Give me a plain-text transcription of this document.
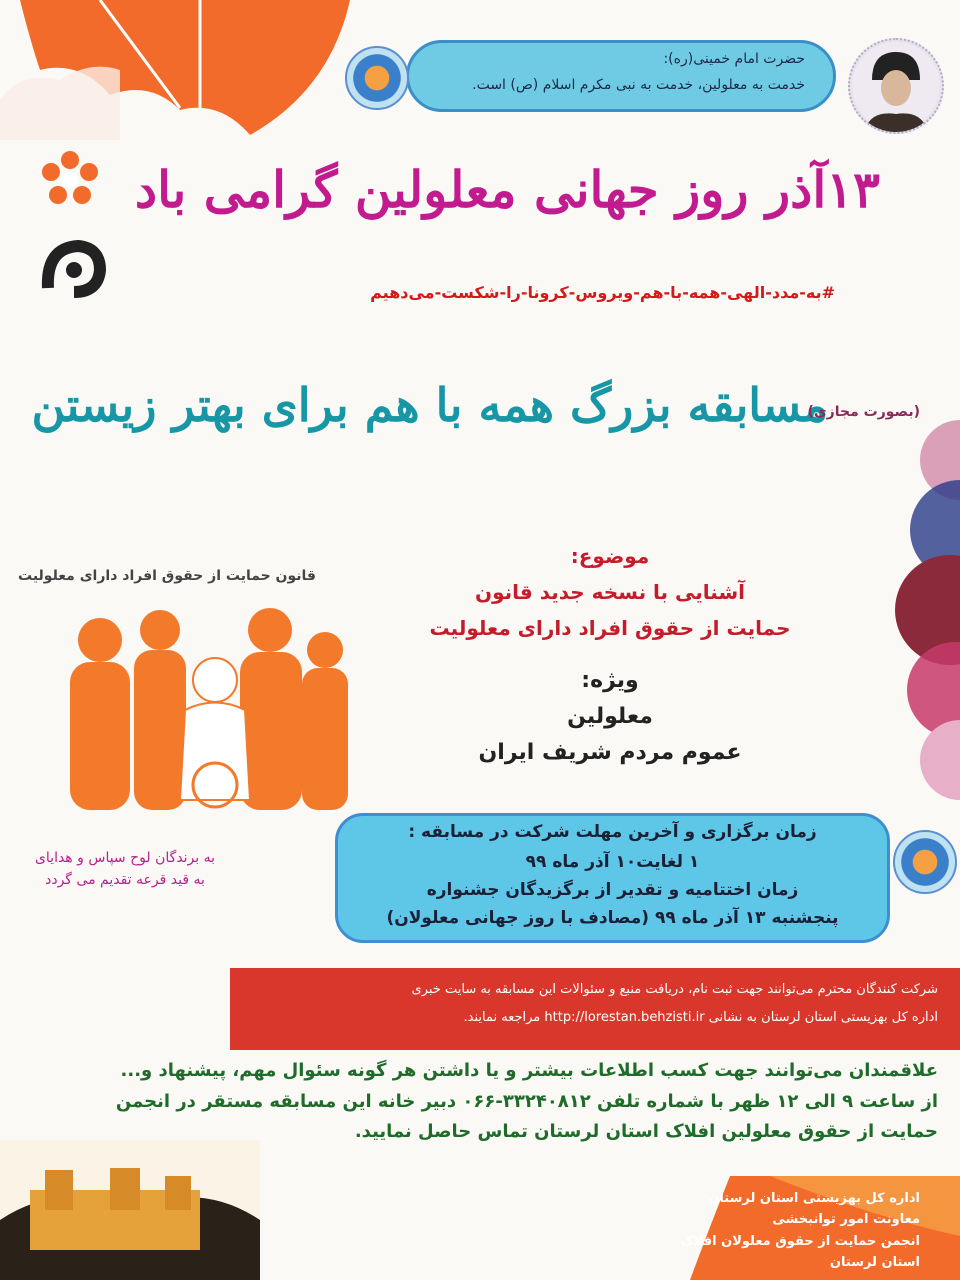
حضرت امام خمینی(ره):
خدمت به معلولین، خدمت به نبی مکرم اسلام (ص) است.
۱۳آذر روز جهانی معلولین گرامی باد
#به-مدد-الهی-همه-با-هم-ویروس-کرونا-را-شکست-می‌دهیم
مسابقه بزرگ همه با هم برای بهتر زیستن
(بصورت مجازی)
قانون حمایت از حقوق افراد دارای معلولیت
موضوع:
آشنایی با نسخه جدید قانون
حمایت از حقوق افراد دارای معلولیت
ویژه:
معلولین
عموم مردم شریف ایران
به برندگان لوح سپاس و هدایای
به قید قرعه تقدیم می گردد
زمان برگزاری و آخرین مهلت شرکت در مسابقه :
۱ لغایت۱۰ آذر ماه ۹۹
زمان اختتامیه و تقدیر از برگزیدگان جشنواره
پنجشنبه ۱۳ آذر ماه ۹۹ (مصادف با روز جهانی معلولان)
شرکت کنندگان محترم می‌توانند جهت ثبت نام، دریافت منبع و سئوالات این مسابقه به سایت خبری
اداره کل بهزیستی استان لرستان به نشانی http://lorestan.behzisti.ir مراجعه نمایند.
علاقمندان می‌توانند جهت کسب اطلاعات بیشتر و یا داشتن هر گونه سئوال مهم، پیشنهاد و...
از ساعت ۹ الی ۱۲ ظهر با شماره تلفن ۳۳۲۴۰۸۱۲-۰۶۶ دبیر خانه این مسابقه مستقر در انجمن
حمایت از حقوق معلولین افلاک استان لرستان تماس حاصل نمایید.
اداره کل بهزیستی استان لرستان
معاونت امور توانبخشی
انجمن حمایت از حقوق معلولان افلاک
استان لرستان
